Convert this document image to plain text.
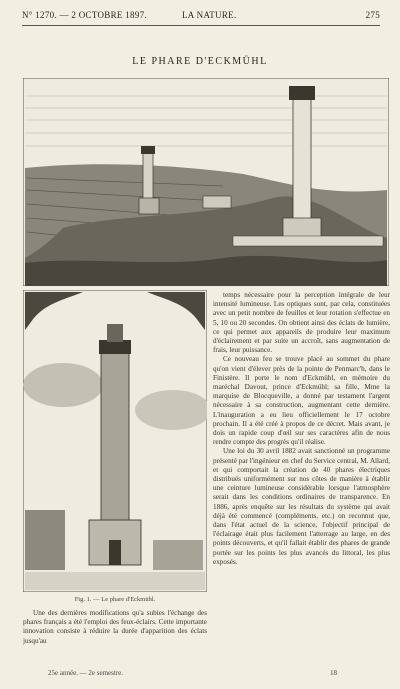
N° 1270. — 2 OCTOBRE 1897.	LA NATURE.	275
LE PHARE D'ECKMÜHL
Fig. 1. — Le phare d'Eckmühl.

temps nécessaire pour la perception intégrale de leur intensité lumineuse. Les optiques sont, par cela, constituées avec un petit nombre de feuilles et leur rotation s'effectue en 5, 10 ou 20 secondes. On obtient ainsi des éclats de lumière, ce qui permet aux appareils de produire leur maximum d'éclairement et par suite un accroît, sans augmentation de frais, leur puissance.

Ce nouveau feu se trouve placé au sommet du phare qu'on vient d'élever près de la pointe de Penmarc'h, dans le Finistère. Il porte le nom d'Eckmühl, en mémoire du maréchal Davout, prince d'Eckmühl; sa fille, Mme la marquise de Blocqueville, a donné par testament l'argent nécessaire à sa construction, augmentant cette dernière. L'inauguration a eu lieu officiellement le 17 octobre prochain. Il a été créé à propos de ce décret. Mais avant, je dois un rapide coup d'œil sur ses caractères afin de nous rendre compte des progrès qu'il réalise.

Une loi du 30 avril 1882 avait sanctionné un programme présenté par l'ingénieur en chef du Service central, M. Allard, et qui comportait la création de 40 phares électriques distribués uniformément sur nos côtes de manière à établir une ceinture lumineuse considérable lorsque l'atmosphère serait dans les conditions ordinaires de transparence. En 1886, après enquête sur les résultats du système qui avait déjà été commencé (compléments, etc.) on reconnut que, dans l'état actuel de la science, l'objectif principal de l'éclairage était plus facilement l'atterrage au large, en des points découverts, et qu'il fallait établir des phares de grande portée sur les points les plus avancés du littoral, les plus exposés.

Une des dernières modifications qu'a subies l'échange des phares français a été l'emploi des feux-éclairs. Cette importante innovation consiste à réduire la durée d'apparition des éclats jusqu'au

25e année. — 2e semestre.	18
